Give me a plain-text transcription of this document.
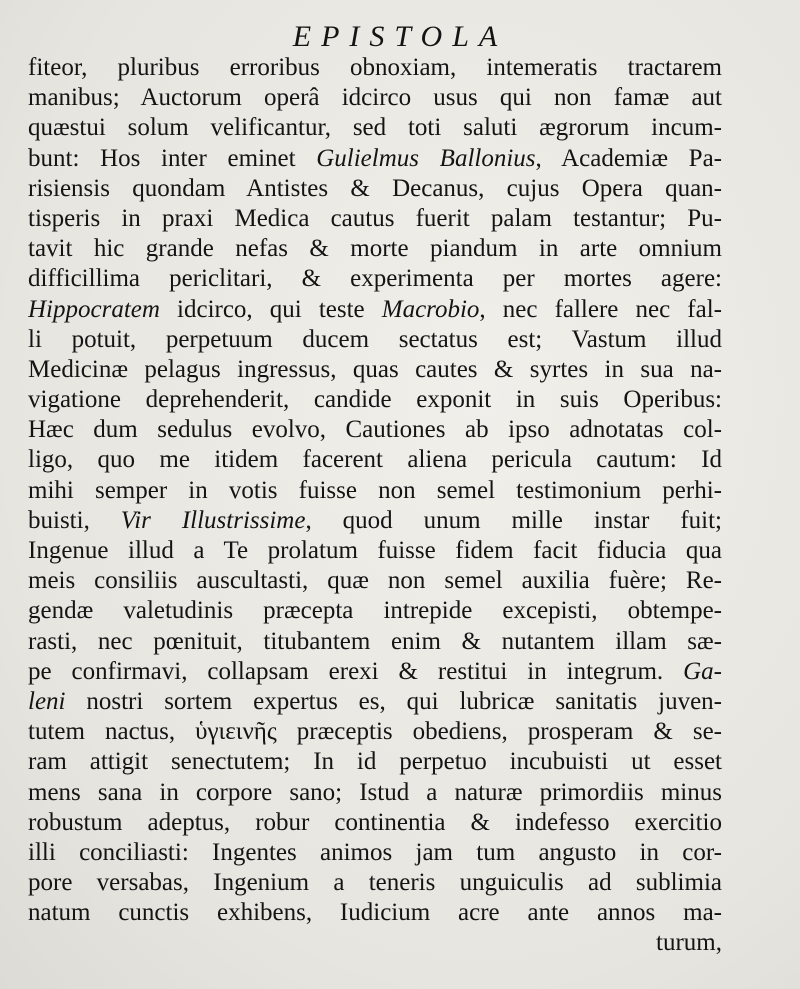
EPISTOLA
fiteor, pluribus erroribus obnoxiam, intemeratis tractarem
manibus; Auctorum operâ idcirco usus qui non famæ aut
quæstui solum velificantur, sed toti saluti ægrorum incum-
bunt: Hos inter eminet Gulielmus Ballonius, Academiæ Pa-
risiensis quondam Antistes & Decanus, cujus Opera quan-
tisperis in praxi Medica cautus fuerit palam testantur; Pu-
tavit hic grande nefas & morte piandum in arte omnium
difficillima periclitari, & experimenta per mortes agere:
Hippocratem idcirco, qui teste Macrobio, nec fallere nec fal-
li potuit, perpetuum ducem sectatus est; Vastum illud
Medicinæ pelagus ingressus, quas cautes & syrtes in sua na-
vigatione deprehenderit, candide exponit in suis Operibus:
Hæc dum sedulus evolvo, Cautiones ab ipso adnotatas col-
ligo, quo me itidem facerent aliena pericula cautum: Id
mihi semper in votis fuisse non semel testimonium perhi-
buisti, Vir Illustrissime, quod unum mille instar fuit;
Ingenue illud a Te prolatum fuisse fidem facit fiducia qua
meis consiliis auscultasti, quæ non semel auxilia fuère; Re-
gendæ valetudinis præcepta intrepide excepisti, obtempe-
rasti, nec pœnituit, titubantem enim & nutantem illam sæ-
pe confirmavi, collapsam erexi & restitui in integrum. Ga-
leni nostri sortem expertus es, qui lubricæ sanitatis juven-
tutem nactus, ὑγιεινῆς præceptis obediens, prosperam & se-
ram attigit senectutem; In id perpetuo incubuisti ut esset
mens sana in corpore sano; Istud a naturæ primordiis minus
robustum adeptus, robur continentia & indefesso exercitio
illi conciliasti: Ingentes animos jam tum angusto in cor-
pore versabas, Ingenium a teneris unguiculis ad sublimia
natum cunctis exhibens, Iudicium acre ante annos ma-
turum,
